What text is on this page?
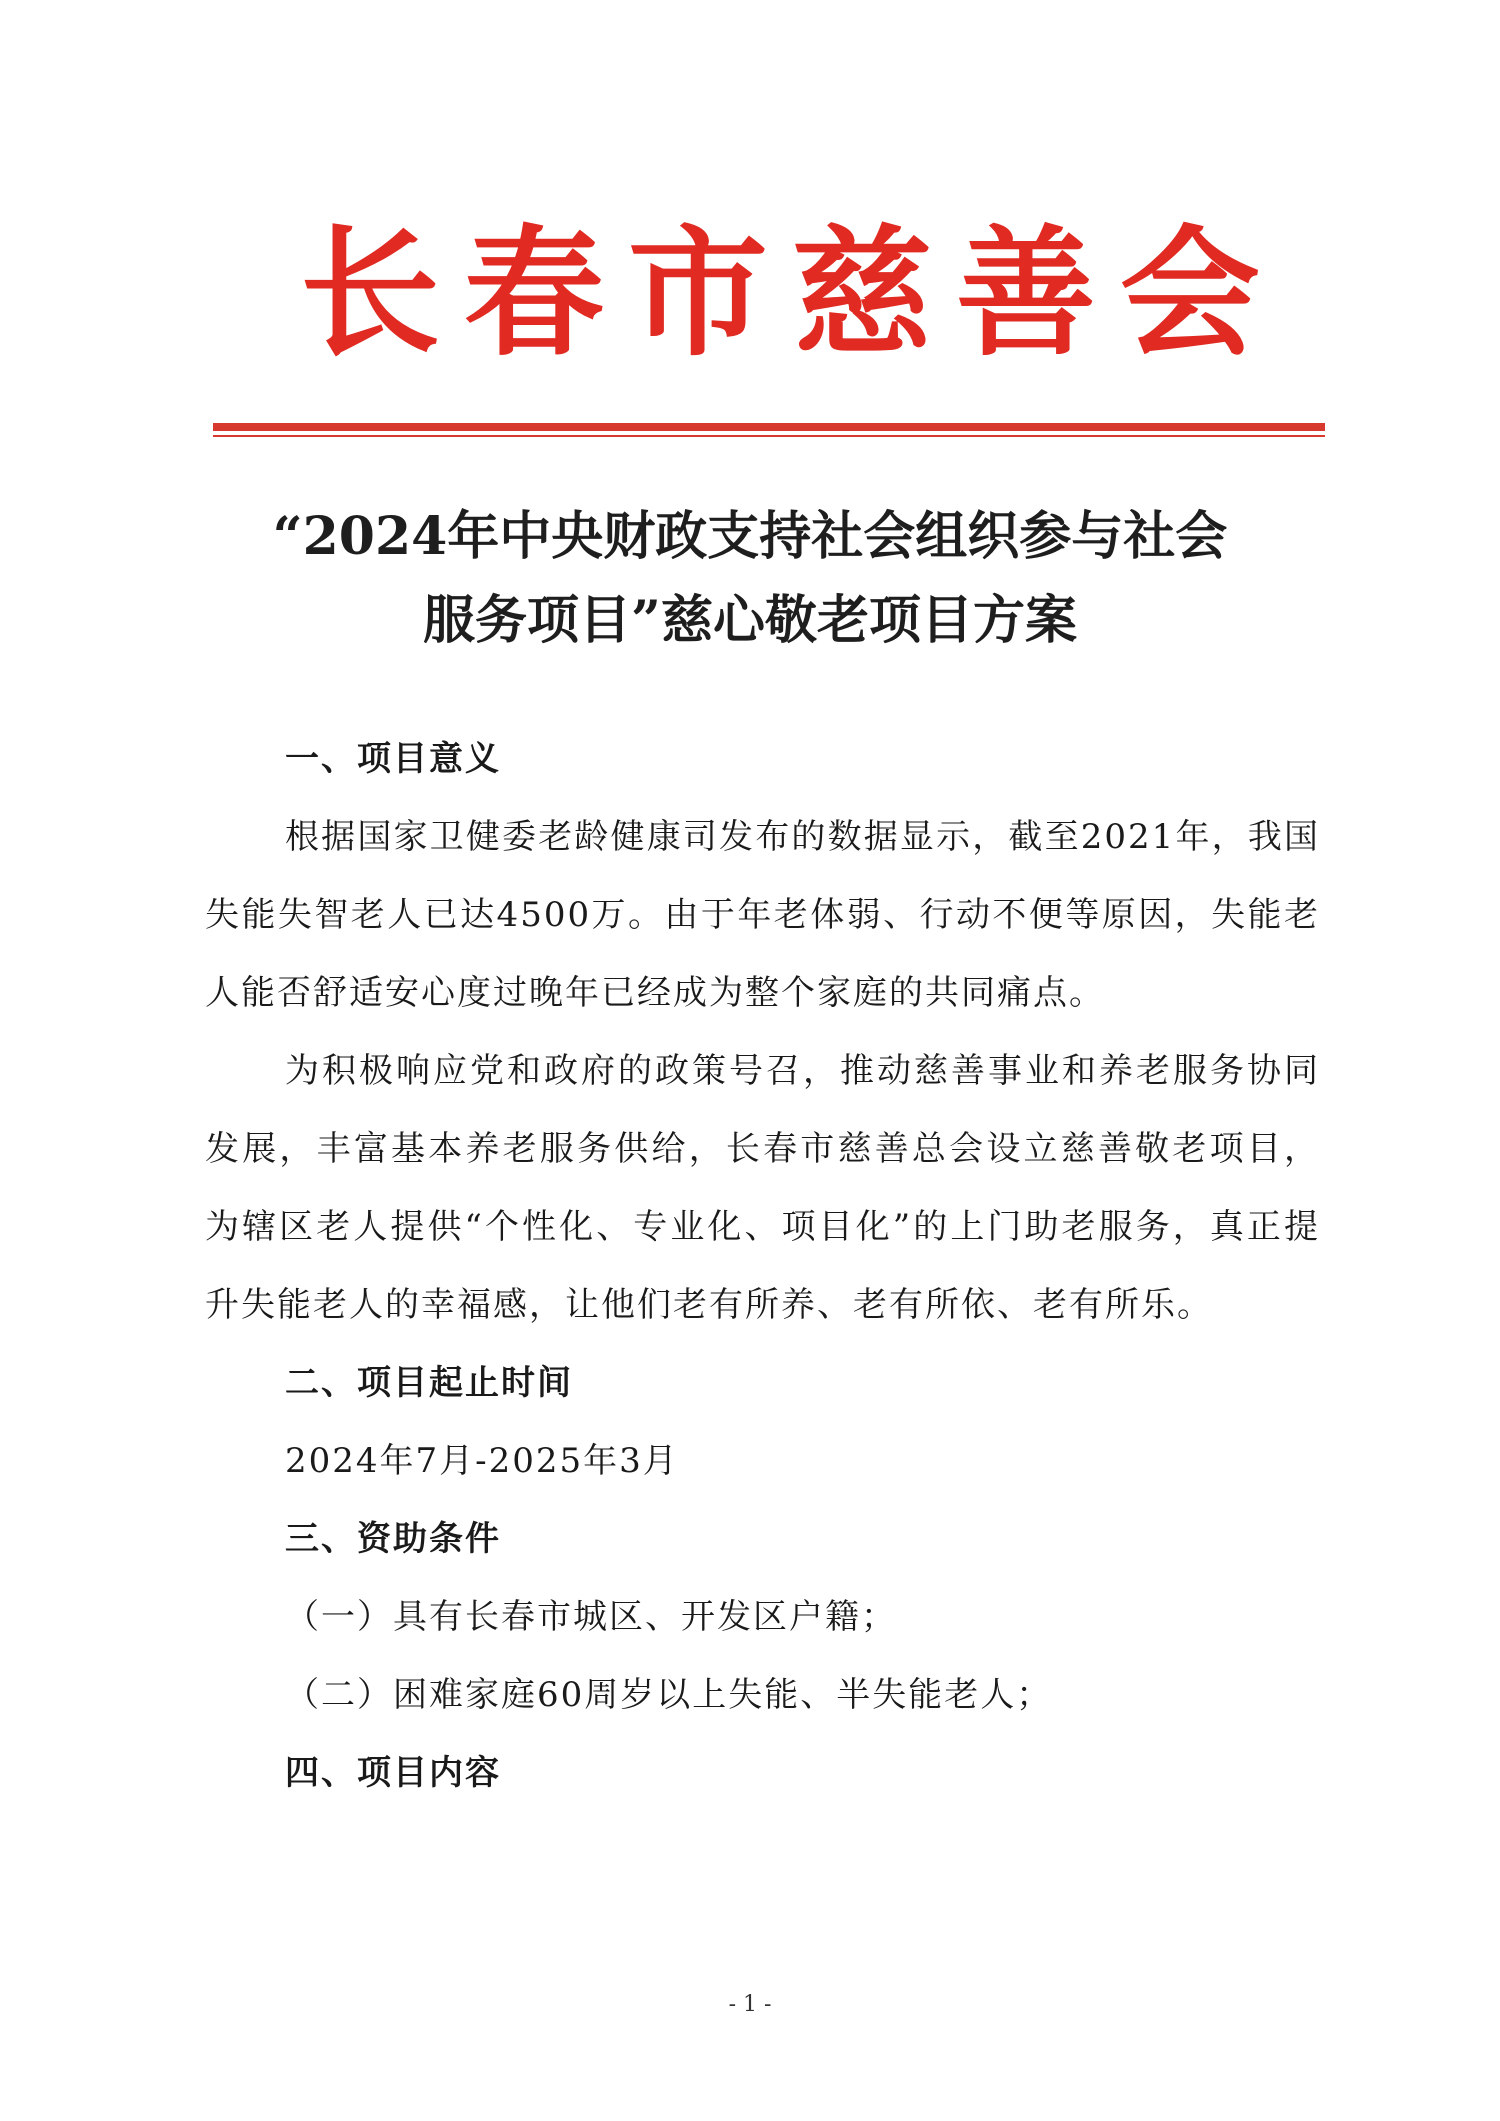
长 春 市 慈 善 会
“2024年中央财政支持社会组织参与社会
服务项目”慈心敬老项目方案
一、项目意义

根据国家卫健委老龄健康司发布的数据显示，截至2021年，我国失能失智老人已达4500万。由于年老体弱、行动不便等原因，失能老人能否舒适安心度过晚年已经成为整个家庭的共同痛点。

为积极响应党和政府的政策号召，推动慈善事业和养老服务协同发展，丰富基本养老服务供给，长春市慈善总会设立慈善敬老项目，为辖区老人提供“个性化、专业化、项目化”的上门助老服务，真正提升失能老人的幸福感，让他们老有所养、老有所依、老有所乐。

二、项目起止时间

2024年7月-2025年3月

三、资助条件

（一）具有长春市城区、开发区户籍；

（二）困难家庭60周岁以上失能、半失能老人；

四、项目内容
- 1 -
